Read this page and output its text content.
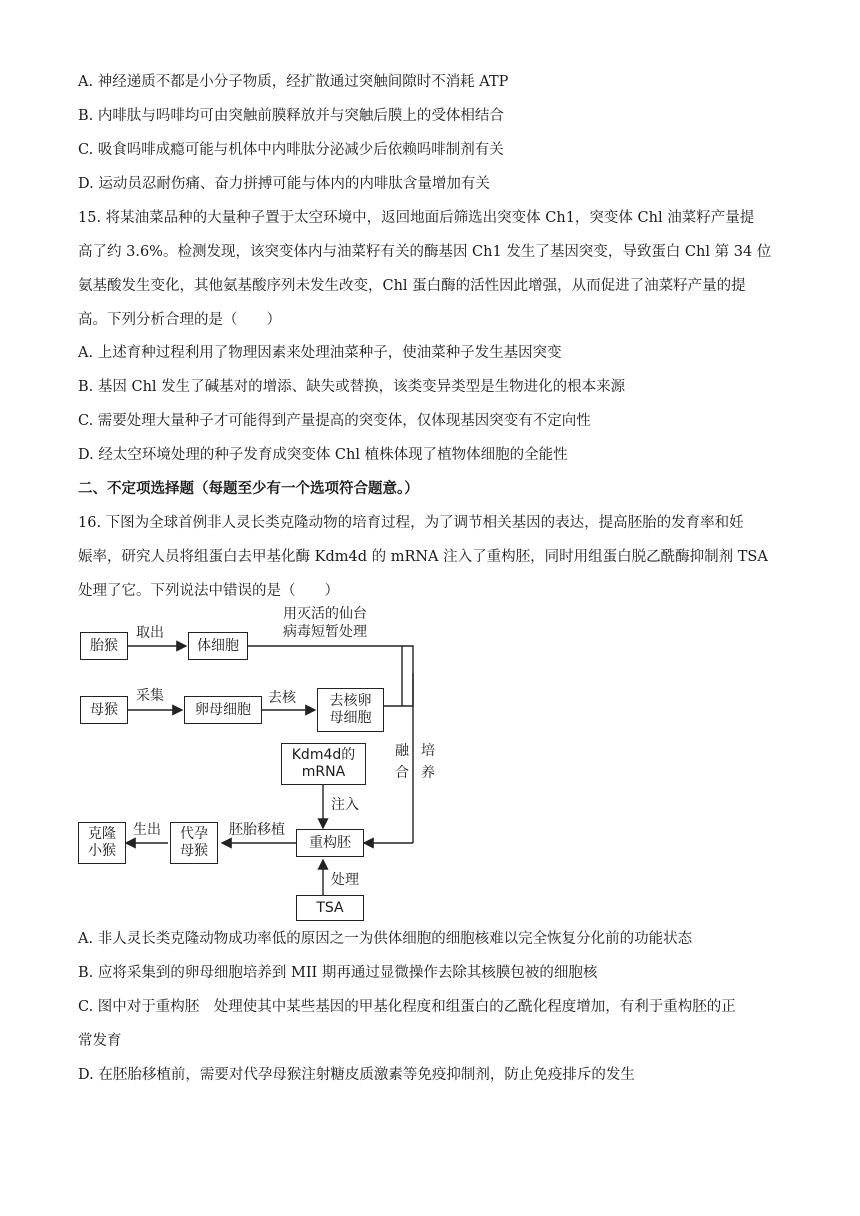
A. 神经递质不都是小分子物质，经扩散通过突触间隙时不消耗 ATP
B. 内啡肽与吗啡均可由突触前膜释放并与突触后膜上的受体相结合
C. 吸食吗啡成瘾可能与机体中内啡肽分泌减少后依赖吗啡制剂有关
D. 运动员忍耐伤痛、奋力拼搏可能与体内的内啡肽含量增加有关
15. 将某油菜品种的大量种子置于太空环境中，返回地面后筛选出突变体 Ch1，突变体 Chl 油菜籽产量提
高了约 3.6%。检测发现，该突变体内与油菜籽有关的酶基因 Ch1 发生了基因突变，导致蛋白 Chl 第 34 位
氨基酸发生变化，其他氨基酸序列未发生改变，Chl 蛋白酶的活性因此增强，从而促进了油菜籽产量的提
高。下列分析合理的是（　　）
A. 上述育种过程利用了物理因素来处理油菜种子，使油菜种子发生基因突变
B. 基因 Chl 发生了碱基对的增添、缺失或替换，该类变异类型是生物进化的根本来源
C. 需要处理大量种子才可能得到产量提高的突变体，仅体现基因突变有不定向性
D. 经太空环境处理的种子发育成突变体 Chl 植株体现了植物体细胞的全能性
二、不定项选择题（每题至少有一个选项符合题意。）
16. 下图为全球首例非人灵长类克隆动物的培育过程，为了调节相关基因的表达，提高胚胎的发育率和妊
娠率，研究人员将组蛋白去甲基化酶 Kdm4d 的 mRNA 注入了重构胚，同时用组蛋白脱乙酰酶抑制剂 TSA
处理了它。下列说法中错误的是（　　）
胎猴
取出
体细胞
用灭活的仙台
病毒短暂处理
母猴
采集
卵母细胞
去核 去核卵
母细胞
融
合
培
养
Kdm4d的
mRNA
注入
重构胚
胚胎移植
代孕
母猴
生出
克隆
小猴
处理
TSA
A. 非人灵长类克隆动物成功率低的原因之一为供体细胞的细胞核难以完全恢复分化前的功能状态
B. 应将采集到的卵母细胞培养到 MII 期再通过显微操作去除其核膜包被的细胞核
C. 图中对于重构胚　处理使其中某些基因的甲基化程度和组蛋白的乙酰化程度增加，有利于重构胚的正
常发育
D. 在胚胎移植前，需要对代孕母猴注射糖皮质激素等免疫抑制剂，防止免疫排斥的发生
